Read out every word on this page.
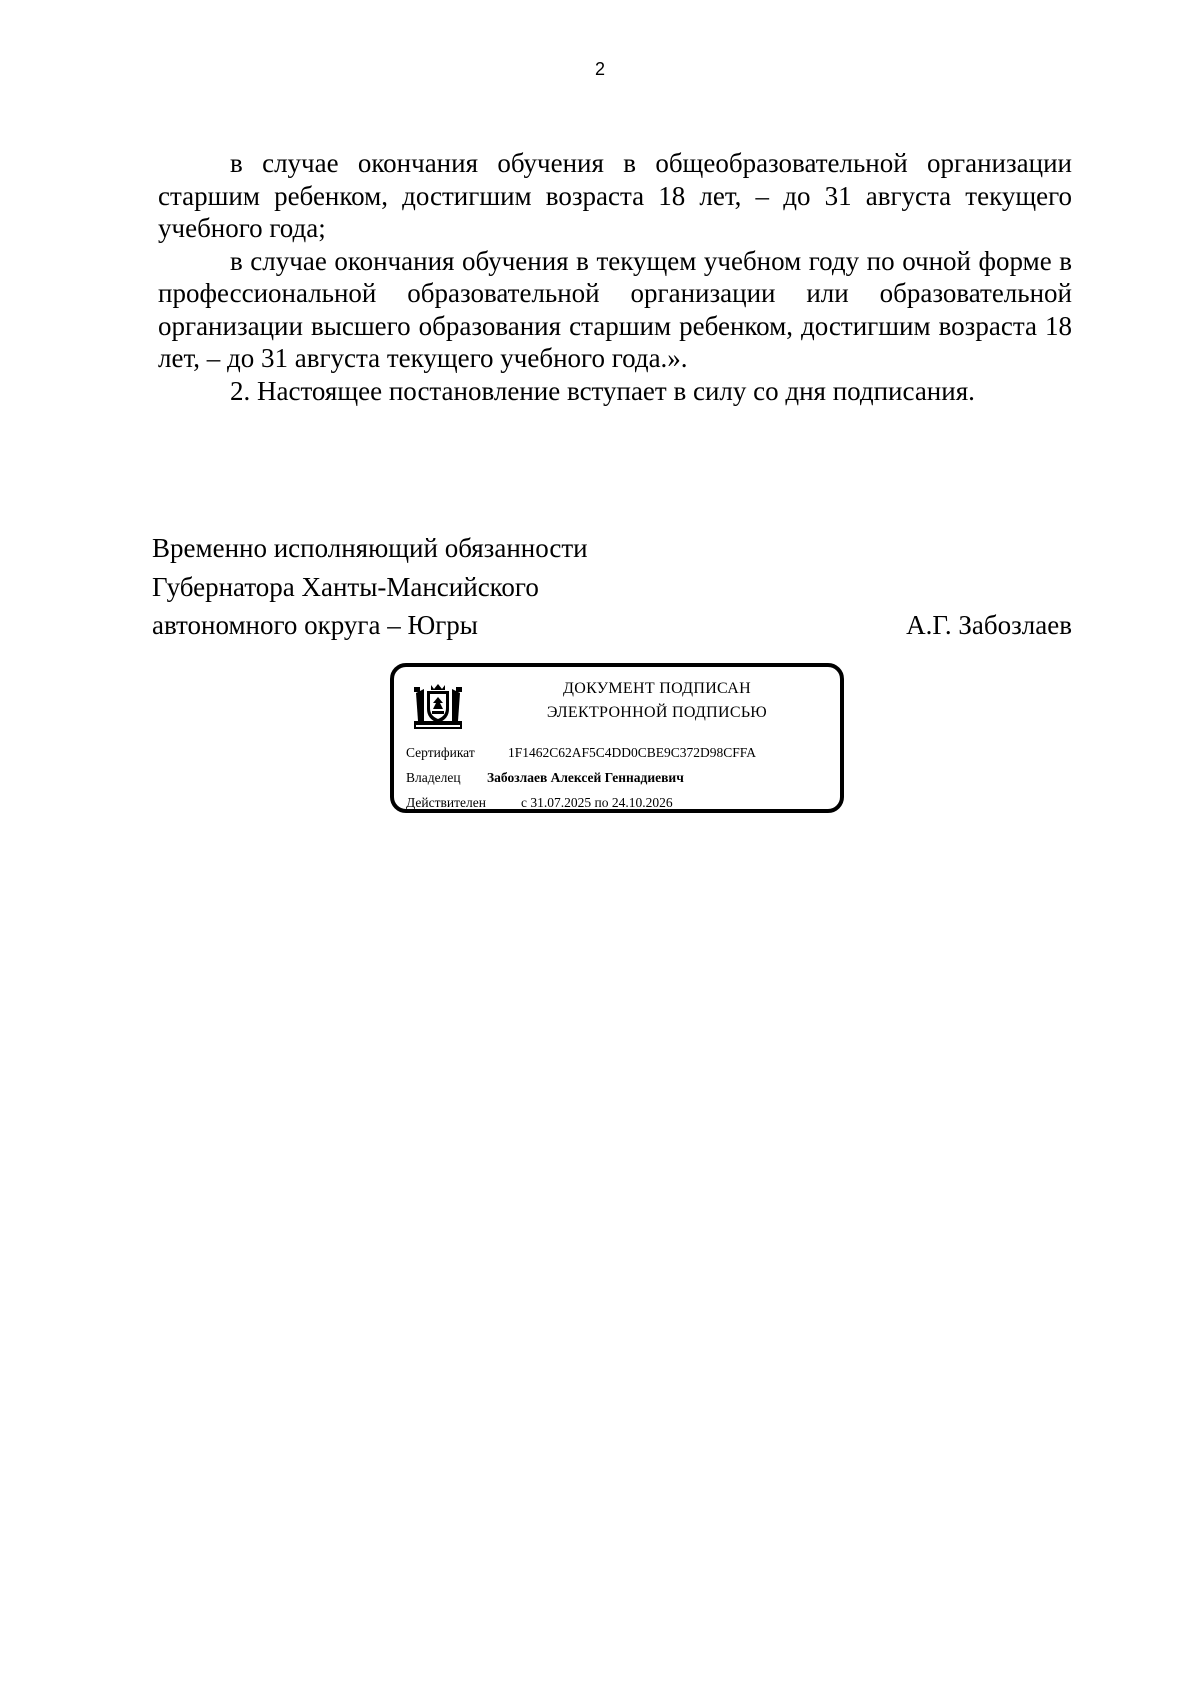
2

в случае окончания обучения в общеобразовательной организации старшим ребенком, достигшим возраста 18 лет, – до 31 августа текущего учебного года;

в случае окончания обучения в текущем учебном году по очной форме в профессиональной образовательной организации или образовательной организации высшего образования старшим ребенком, достигшим возраста 18 лет, – до 31 августа текущего учебного года.».

2. Настоящее постановление вступает в силу со дня подписания.

Временно исполняющий обязанности
Губернатора Ханты-Мансийского
автономного округа – Югры	А.Г. Забозлаев
ДОКУМЕНТ ПОДПИСАН
ЭЛЕКТРОННОЙ ПОДПИСЬЮ
Сертификат 1F1462C62AF5C4DD0CBE9C372D98CFFA
Владелец Забозлаев Алексей Геннадиевич
Действителен	с 31.07.2025 по 24.10.2026
